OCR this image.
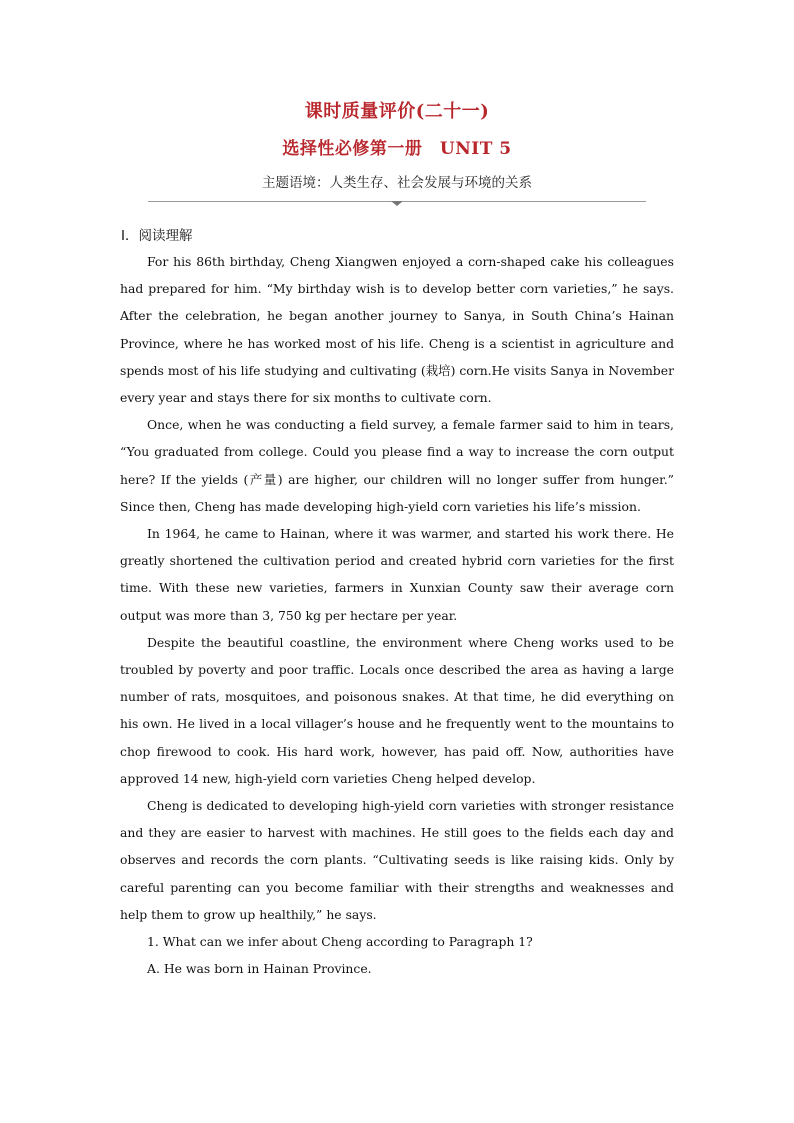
课时质量评价(二十一)
选择性必修第一册　UNIT 5
主题语境：人类生存、社会发展与环境的关系
Ⅰ．阅读理解

For his 86th birthday, Cheng Xiangwen enjoyed a corn-shaped cake his colleagues had prepared for him. “My birthday wish is to develop better corn varieties,” he says. After the celebration, he began another journey to Sanya, in South China’s Hainan Province, where he has worked most of his life. Cheng is a scientist in agriculture and spends most of his life studying and cultivating (栽培) corn.He visits Sanya in November every year and stays there for six months to cultivate corn.

Once, when he was conducting a field survey, a female farmer said to him in tears, “You graduated from college. Could you please find a way to increase the corn output here? If the yields (产量) are higher, our children will no longer suffer from hunger.” Since then, Cheng has made developing high-yield corn varieties his life’s mission.

In 1964, he came to Hainan, where it was warmer, and started his work there. He greatly shortened the cultivation period and created hybrid corn varieties for the first time. With these new varieties, farmers in Xunxian County saw their average corn output was more than 3, 750 kg per hectare per year.

Despite the beautiful coastline, the environment where Cheng works used to be troubled by poverty and poor traffic. Locals once described the area as having a large number of rats, mosquitoes, and poisonous snakes. At that time, he did everything on his own. He lived in a local villager’s house and he frequently went to the mountains to chop firewood to cook. His hard work, however, has paid off. Now, authorities have approved 14 new, high-yield corn varieties Cheng helped develop.

Cheng is dedicated to developing high-yield corn varieties with stronger resistance and they are easier to harvest with machines. He still goes to the fields each day and observes and records the corn plants. “Cultivating seeds is like raising kids. Only by careful parenting can you become familiar with their strengths and weaknesses and help them to grow up healthily,” he says.

1. What can we infer about Cheng according to Paragraph 1?

A. He was born in Hainan Province.
